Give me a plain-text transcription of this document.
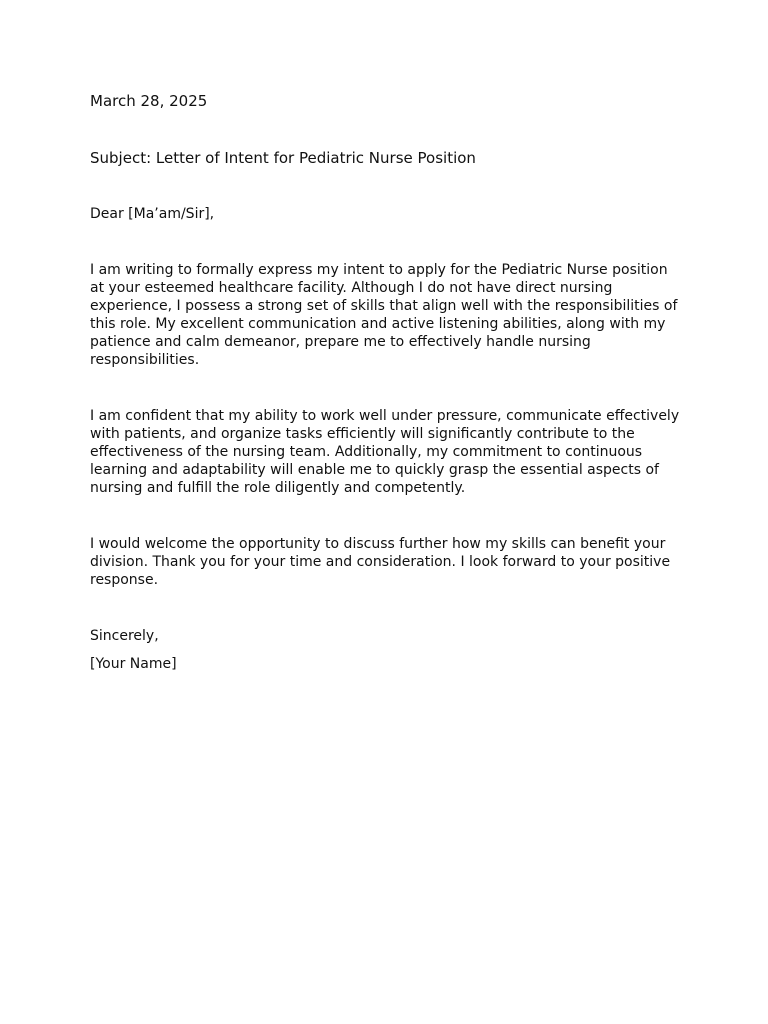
March 28, 2025

Subject: Letter of Intent for Pediatric Nurse Position

Dear [Ma’am/Sir],

I am writing to formally express my intent to apply for the Pediatric Nurse position at your esteemed healthcare facility. Although I do not have direct nursing experience, I possess a strong set of skills that align well with the responsibilities of this role. My excellent communication and active listening abilities, along with my patience and calm demeanor, prepare me to effectively handle nursing responsibilities.

I am confident that my ability to work well under pressure, communicate effectively with patients, and organize tasks efficiently will significantly contribute to the effectiveness of the nursing team. Additionally, my commitment to continuous learning and adaptability will enable me to quickly grasp the essential aspects of nursing and fulfill the role diligently and competently.

I would welcome the opportunity to discuss further how my skills can benefit your division. Thank you for your time and consideration. I look forward to your positive response.

Sincerely,

[Your Name]
